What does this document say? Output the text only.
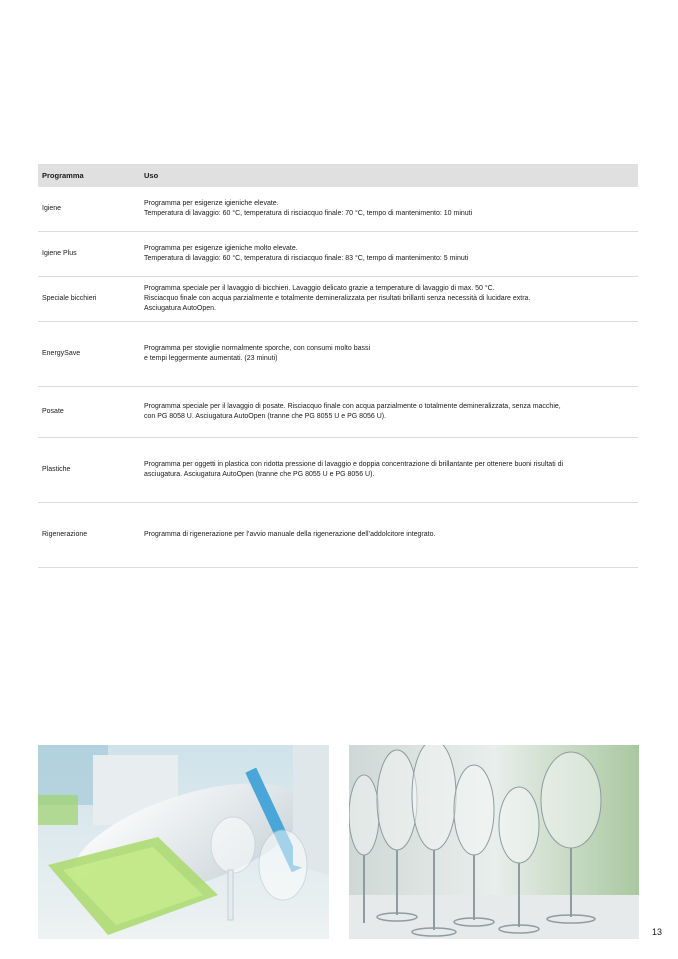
Programma	Uso
Igiene
Programma per esigenze igieniche elevate.
Temperatura di lavaggio: 60 °C, temperatura di risciacquo finale: 70 °C, tempo di mantenimento: 10 minuti
Igiene Plus
Programma per esigenze igieniche molto elevate.
Temperatura di lavaggio: 60 °C, temperatura di risciacquo finale: 83 °C, tempo di mantenimento: 5 minuti
Speciale bicchieri
Programma speciale per il lavaggio di bicchieri. Lavaggio delicato grazie a temperature di lavaggio di max. 50 °C.
Risciacquo finale con acqua parzialmente e totalmente demineralizzata per risultati brillanti senza necessità di lucidare extra.
Asciugatura AutoOpen.
EnergySave
Programma per stoviglie normalmente sporche, con consumi molto bassi
e tempi leggermente aumentati. (23 minuti)
Posate
Programma speciale per il lavaggio di posate. Risciacquo finale con acqua parzialmente o totalmente demineralizzata, senza macchie,
con PG 8058 U. Asciugatura AutoOpen (tranne che PG 8055 U e PG 8056 U).
Plastiche
Programma per oggetti in plastica con ridotta pressione di lavaggio e doppia concentrazione di brillantante per ottenere buoni risultati di
asciugatura. Asciugatura AutoOpen (tranne che PG 8055 U e PG 8056 U).
Rigenerazione	Programma di rigenerazione per l’avvio manuale della rigenerazione dell’addolcitore integrato.
13
